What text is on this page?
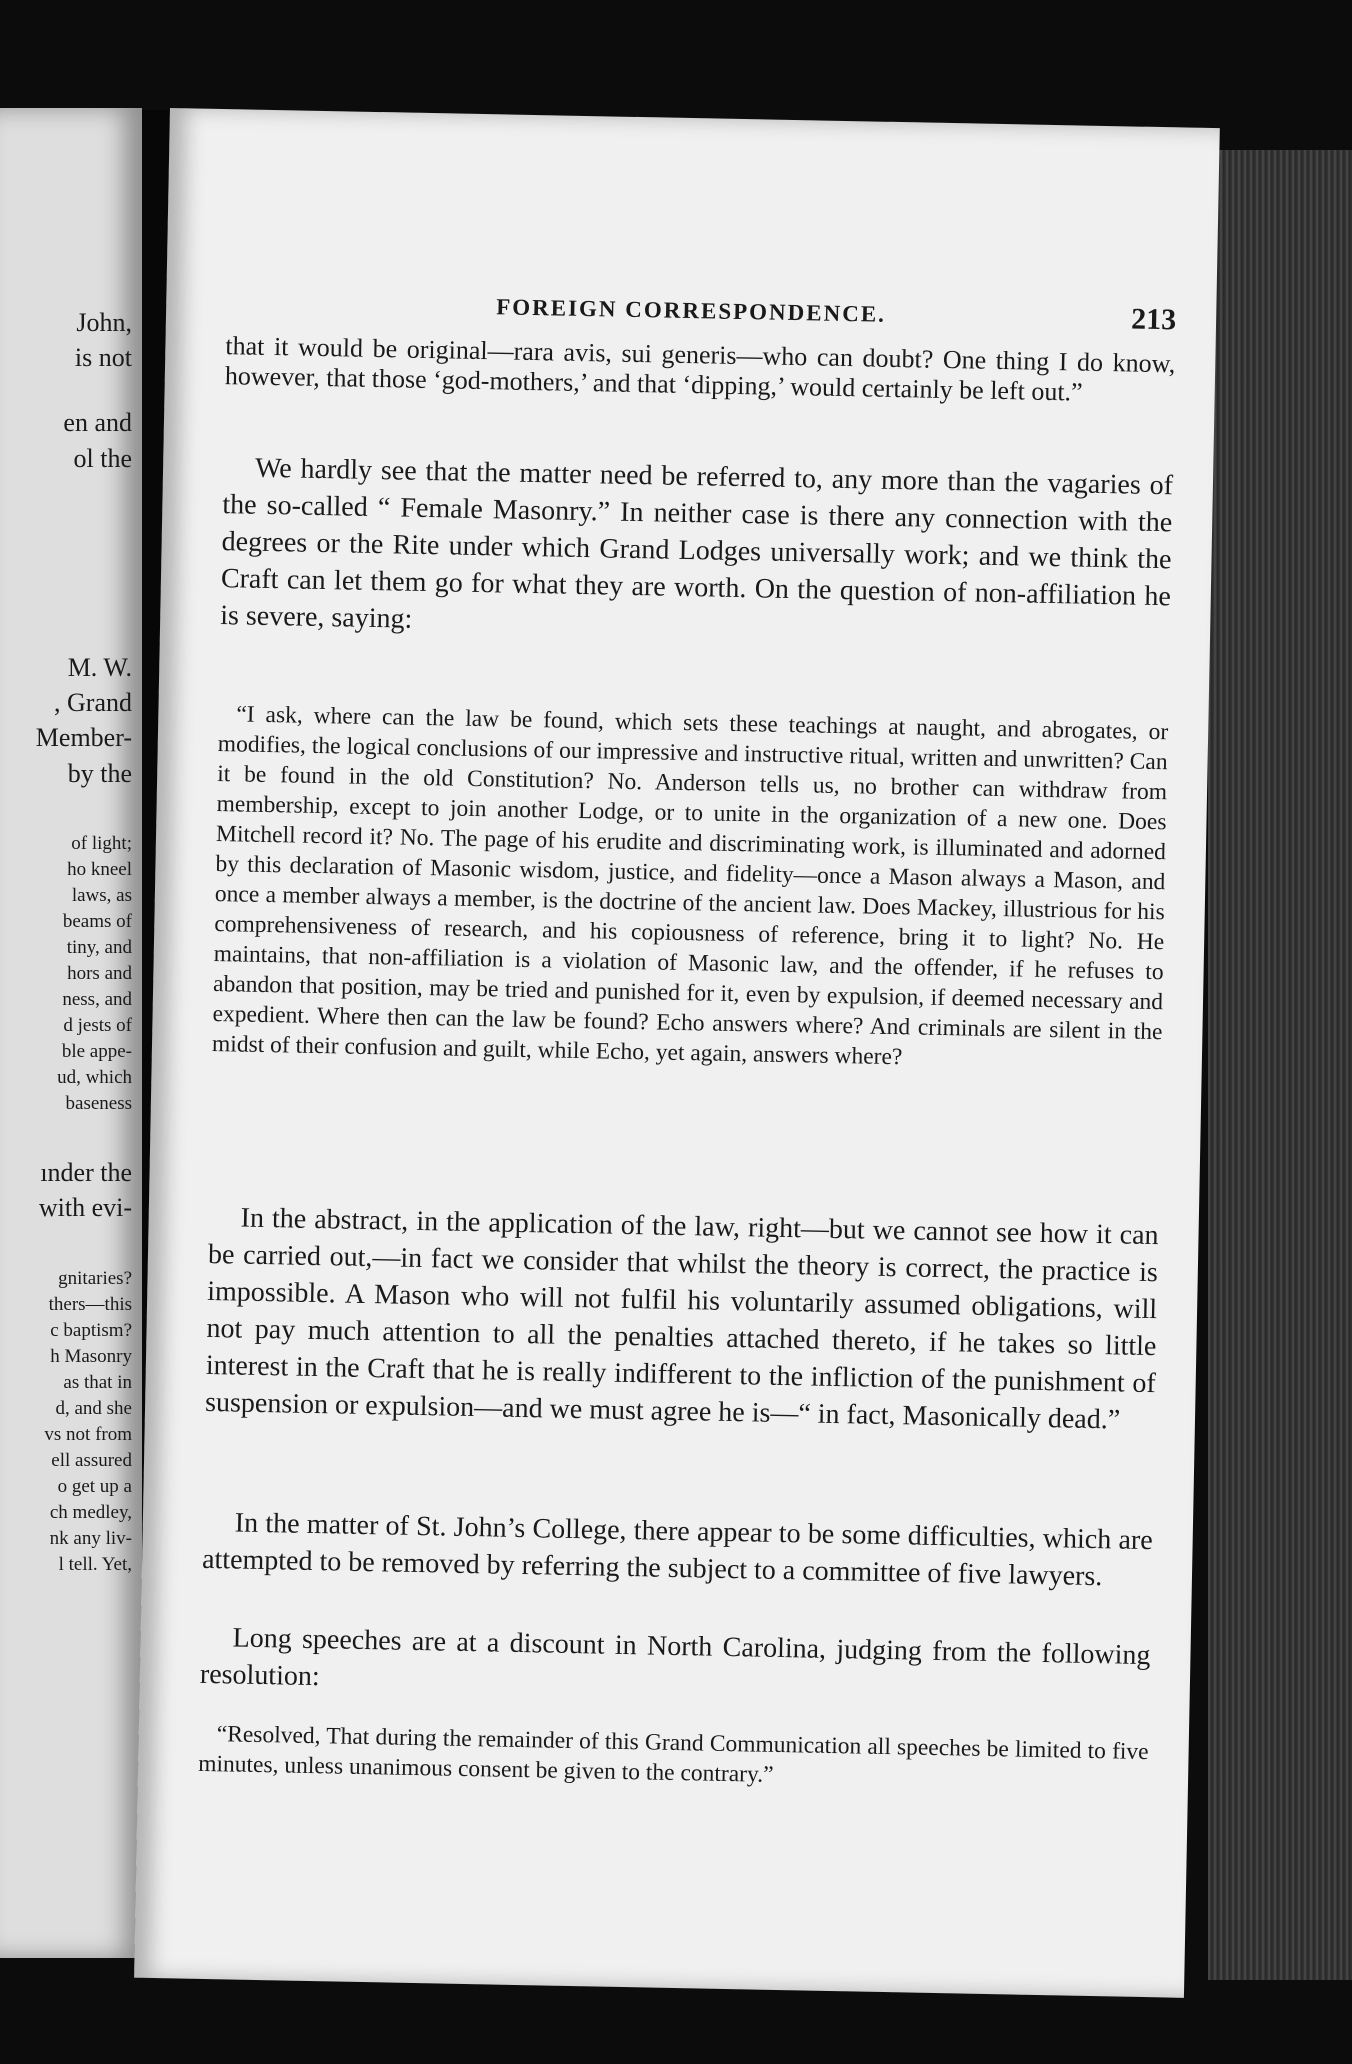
John,
is not
en and
ol the
M. W.
, Grand
Member-
by the
of light;
ho kneel
laws, as
beams of
tiny, and
hors and
ness, and
d jests of
ble appe-
ud, which
baseness
ınder the
with evi-
gnitaries?
thers—this
c baptism?
h Masonry
as that in
d, and she
vs not from
ell assured
o get up a
ch medley,
nk any liv-
l tell. Yet,
FOREIGN CORRESPONDENCE.	213

that it would be original—rara avis, sui generis—who can doubt? One thing I do know, however, that those ‘god-mothers,’ and that ‘dipping,’ would certainly be left out.”

We hardly see that the matter need be referred to, any more than the vagaries of the so-called “ Female Masonry.” In neither case is there any connection with the degrees or the Rite under which Grand Lodges universally work; and we think the Craft can let them go for what they are worth. On the question of non-affiliation he is severe, saying:

“I ask, where can the law be found, which sets these teachings at naught, and abrogates, or modifies, the logical conclusions of our impressive and instructive ritual, written and unwritten? Can it be found in the old Constitution? No. Anderson tells us, no brother can withdraw from membership, except to join another Lodge, or to unite in the organization of a new one. Does Mitchell record it? No. The page of his erudite and discriminating work, is illuminated and adorned by this declaration of Masonic wisdom, justice, and fidelity—once a Mason always a Mason, and once a member always a member, is the doctrine of the ancient law. Does Mackey, illustrious for his comprehensiveness of research, and his copiousness of reference, bring it to light? No. He maintains, that non-affiliation is a violation of Masonic law, and the offender, if he refuses to abandon that position, may be tried and punished for it, even by expulsion, if deemed necessary and expedient. Where then can the law be found? Echo answers where? And criminals are silent in the midst of their confusion and guilt, while Echo, yet again, answers where?

In the abstract, in the application of the law, right—but we cannot see how it can be carried out,—in fact we consider that whilst the theory is correct, the practice is impossible. A Mason who will not fulfil his voluntarily assumed obligations, will not pay much attention to all the penalties attached thereto, if he takes so little interest in the Craft that he is really indifferent to the infliction of the punishment of suspension or expulsion—and we must agree he is—“ in fact, Masonically dead.”

In the matter of St. John’s College, there appear to be some difficulties, which are attempted to be removed by referring the subject to a committee of five lawyers.

Long speeches are at a discount in North Carolina, judging from the following resolution:

“Resolved, That during the remainder of this Grand Communication all speeches be limited to five minutes, unless unanimous consent be given to the contrary.”
